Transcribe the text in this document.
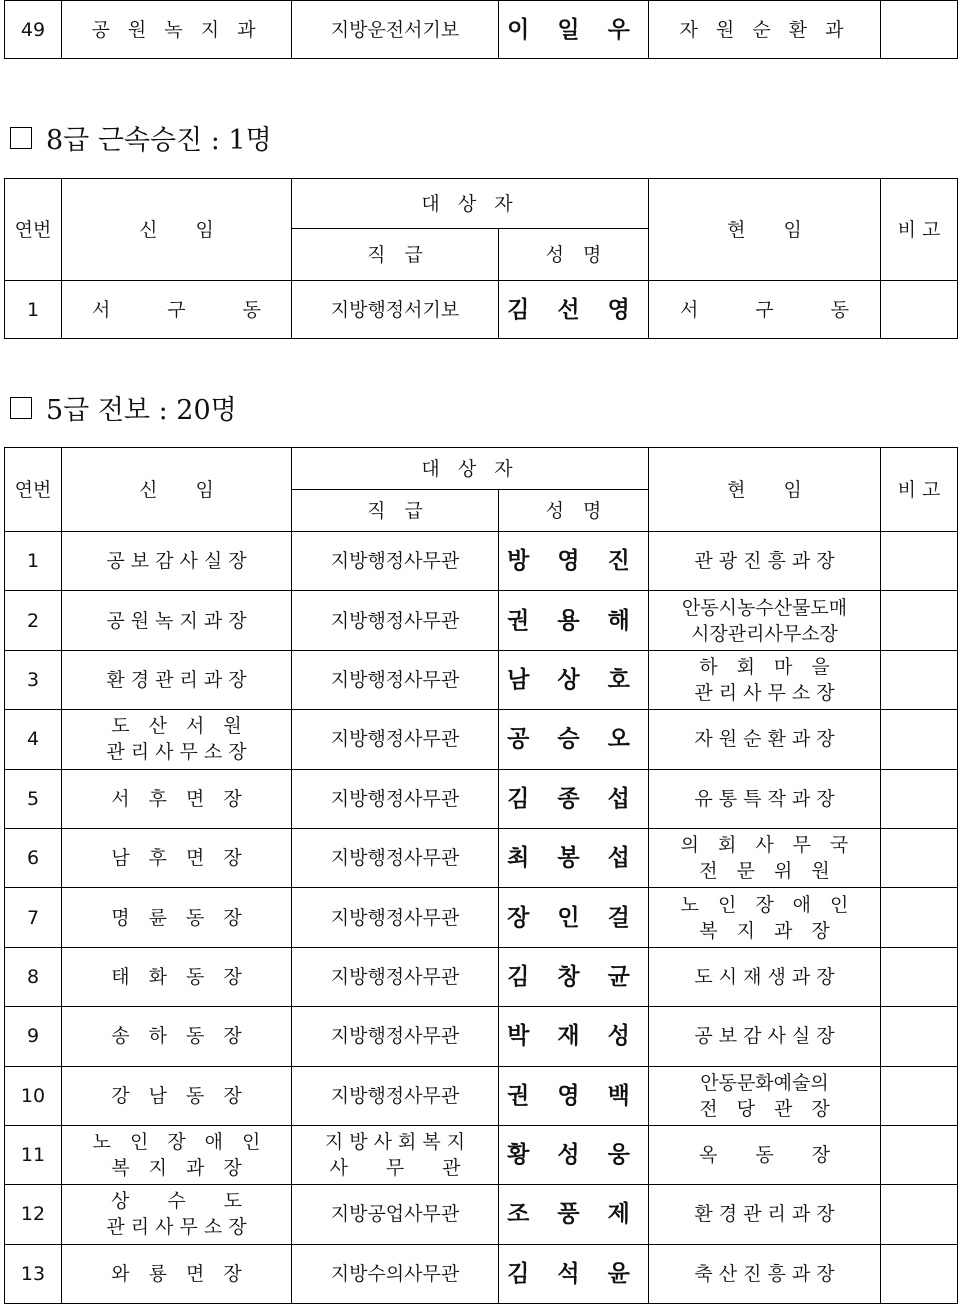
49	공 원 녹 지 과	지방운전서기보	이 일 우	자 원 순 환 과	
8급 근속승진 : 1명
연번	신　　임	대 상 자		현　　임	비 고
		직　급	성　명		
1	서　　　구　　　동	지방행정서기보	김 선 영	서　　　구　　　동	
5급 전보 : 20명
연번	신　　임	대 상 자		현　　임	비 고
		직　급	성　명		
1	공 보 감 사 실 장	지방행정사무관	방 영 진	관 광 진 흥 과 장	
2	공 원 녹 지 과 장	지방행정사무관	권 용 해	안동시농수산물도매
시장관리사무소장	
3	환 경 관 리 과 장	지방행정사무관	남 상 호	하　회　마　을
관 리 사 무 소 장	
4	도　산　서　원
관 리 사 무 소 장	지방행정사무관	공 승 오	자 원 순 환 과 장	
5	서　후　면　장	지방행정사무관	김 종 섭	유 통 특 작 과 장	
6	남　후　면　장	지방행정사무관	최 봉 섭	의　회　사　무　국
전　문　위　원	
7	명　륜　동　장	지방행정사무관	장 인 걸	노　인　장　애　인
복　지　과　장	
8	태　화　동　장	지방행정사무관	김 창 균	도 시 재 생 과 장	
9	송　하　동　장	지방행정사무관	박 재 성	공 보 감 사 실 장	
10	강　남　동　장	지방행정사무관	권 영 백	안동문화예술의
전　당　관　장	
11	노　인　장　애　인
복　지　과　장	지 방 사 회 복 지
사　　무　　관	황 성 웅	옥　　동　　장	
12	상　　수　　도
관 리 사 무 소 장	지방공업사무관	조 풍 제	환 경 관 리 과 장	
13	와　룡　면　장	지방수의사무관	김 석 윤	축 산 진 흥 과 장	
